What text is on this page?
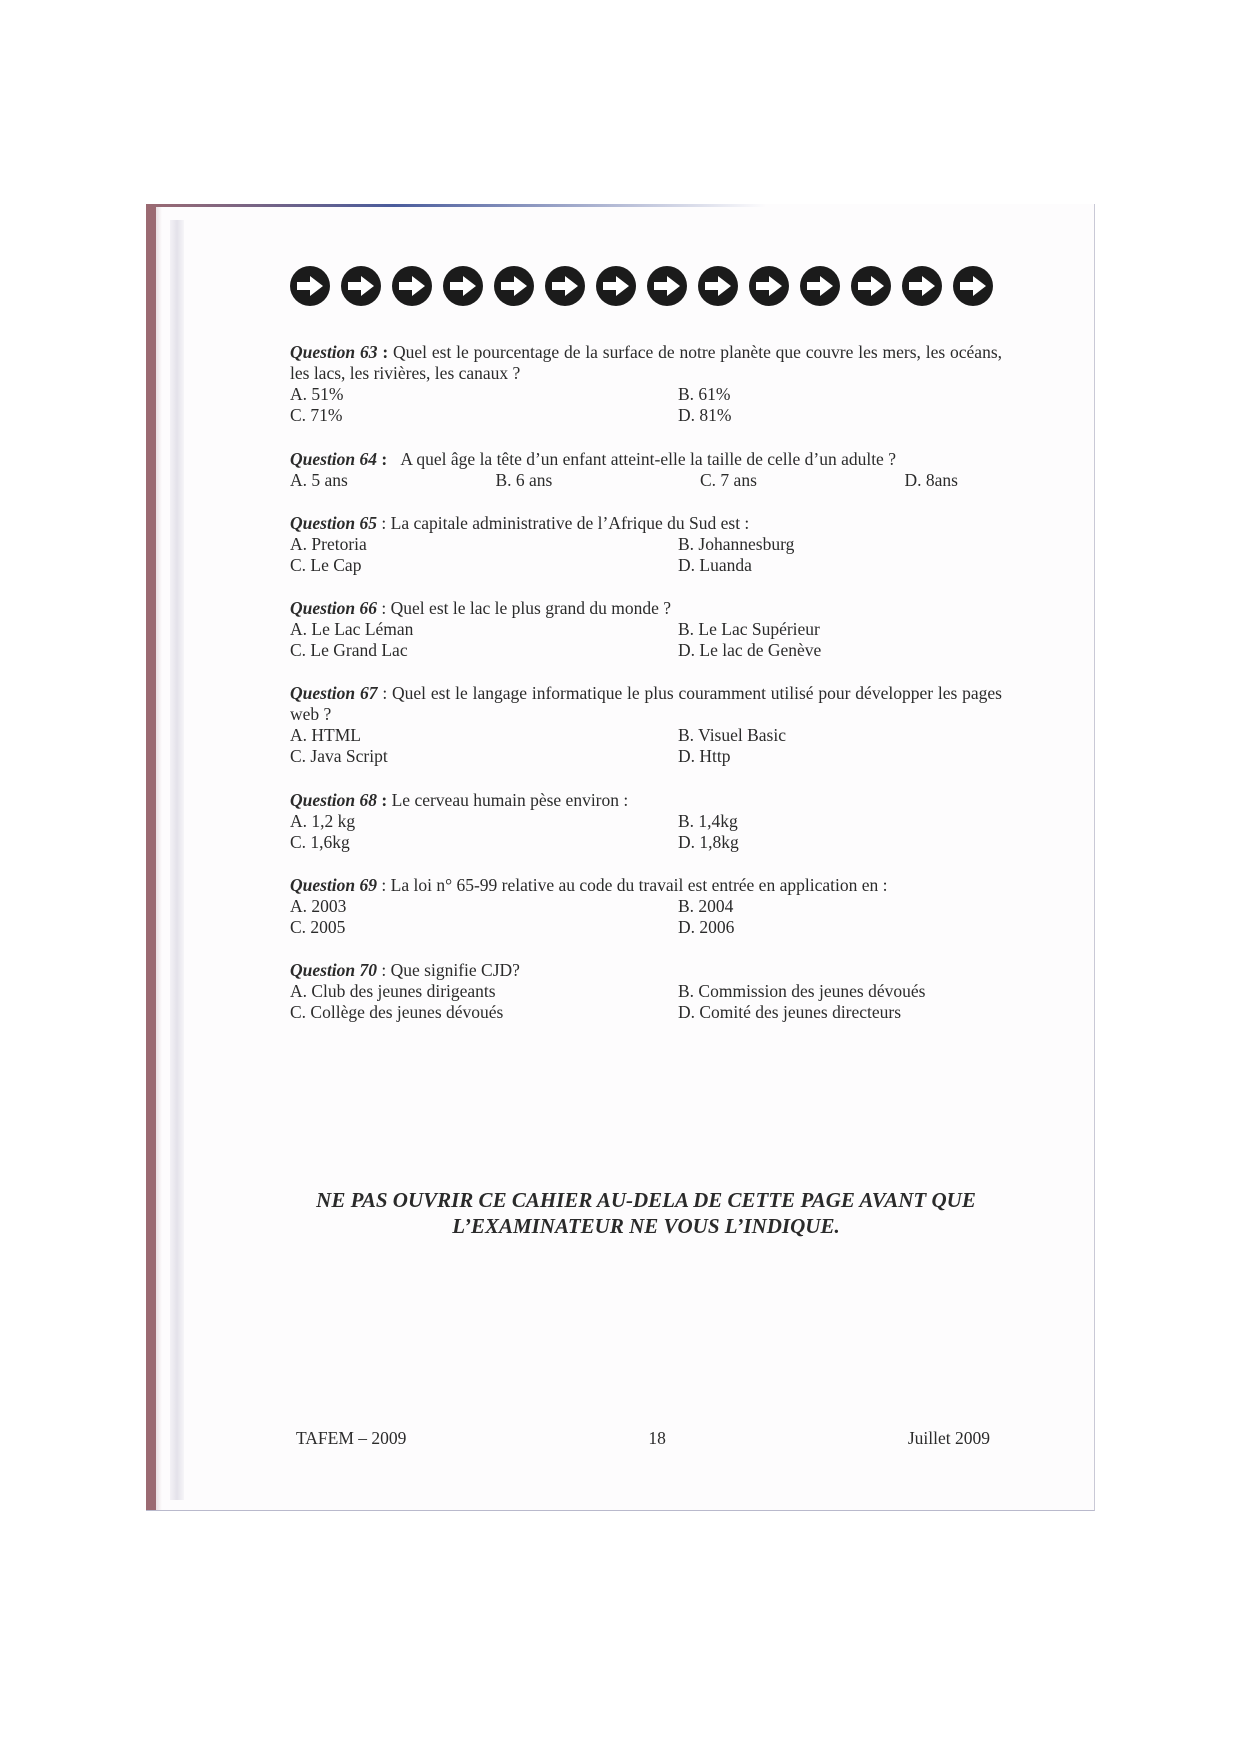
Question 63 : Quel est le pourcentage de la surface de notre planète que couvre les mers, les océans, les lacs, les rivières, les canaux ?
A. 51%	B. 61%
C. 71%	D. 81%
Question 64 :   A quel âge la tête d’un enfant atteint-elle la taille de celle d’un adulte ?
A. 5 ans	B. 6 ans	C. 7 ans	D. 8ans
Question 65 : La capitale administrative de l’Afrique du Sud est :
A. Pretoria	B. Johannesburg
C. Le Cap	D. Luanda
Question 66 : Quel est le lac le plus grand du monde ?
A. Le Lac Léman	B. Le Lac Supérieur
C. Le Grand Lac	D. Le lac de Genève
Question 67 : Quel est le langage informatique le plus couramment utilisé pour développer les pages web ?
A. HTML	B. Visuel Basic
C. Java Script	D. Http
Question 68 : Le cerveau humain pèse environ :
A. 1,2 kg	B. 1,4kg
C. 1,6kg	D. 1,8kg
Question 69 : La loi n° 65-99 relative au code du travail est entrée en application en :
A. 2003	B. 2004
C. 2005	D. 2006
Question 70 : Que signifie CJD?
A. Club des jeunes dirigeants	B. Commission des jeunes dévoués
C. Collège des jeunes dévoués	D. Comité des jeunes directeurs
NE PAS OUVRIR CE CAHIER AU-DELA DE CETTE PAGE AVANT QUE
L’EXAMINATEUR NE VOUS L’INDIQUE.
TAFEM – 2009	18	Juillet 2009
